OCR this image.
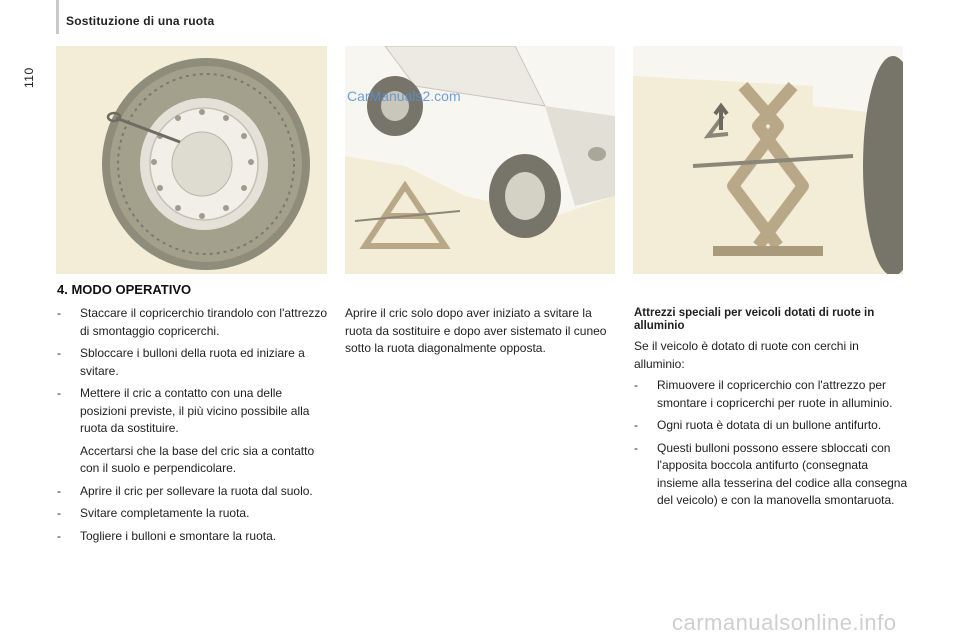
110
Sostituzione di una ruota
CarManuals2.com
4. MODO OPERATIVO
- Staccare il copricerchio tirandolo con l'attrezzo di smontaggio copricerchi.
- Sbloccare i bulloni della ruota ed iniziare a svitare.
- Mettere il cric a contatto con una delle posizioni previste, il più vicino possibile alla ruota da sostituire.
Accertarsi che la base del cric sia a contatto con il suolo e perpendicolare.
- Aprire il cric per sollevare la ruota dal suolo.
- Svitare completamente la ruota.
- Togliere i bulloni e smontare la ruota.
Aprire il cric solo dopo aver iniziato a svitare la ruota da sostituire e dopo aver sistemato il cuneo sotto la ruota diagonalmente opposta.
Attrezzi speciali per veicoli dotati di ruote in alluminio
Se il veicolo è dotato di ruote con cerchi in alluminio:
- Rimuovere il copricerchio con l'attrezzo per smontare i copricerchi per ruote in alluminio.
- Ogni ruota è dotata di un bullone antifurto.
- Questi bulloni possono essere sbloccati con l'apposita boccola antifurto (consegnata insieme alla tesserina del codice alla consegna del veicolo) e con la manovella smontaruota.
carmanualsonline.info
